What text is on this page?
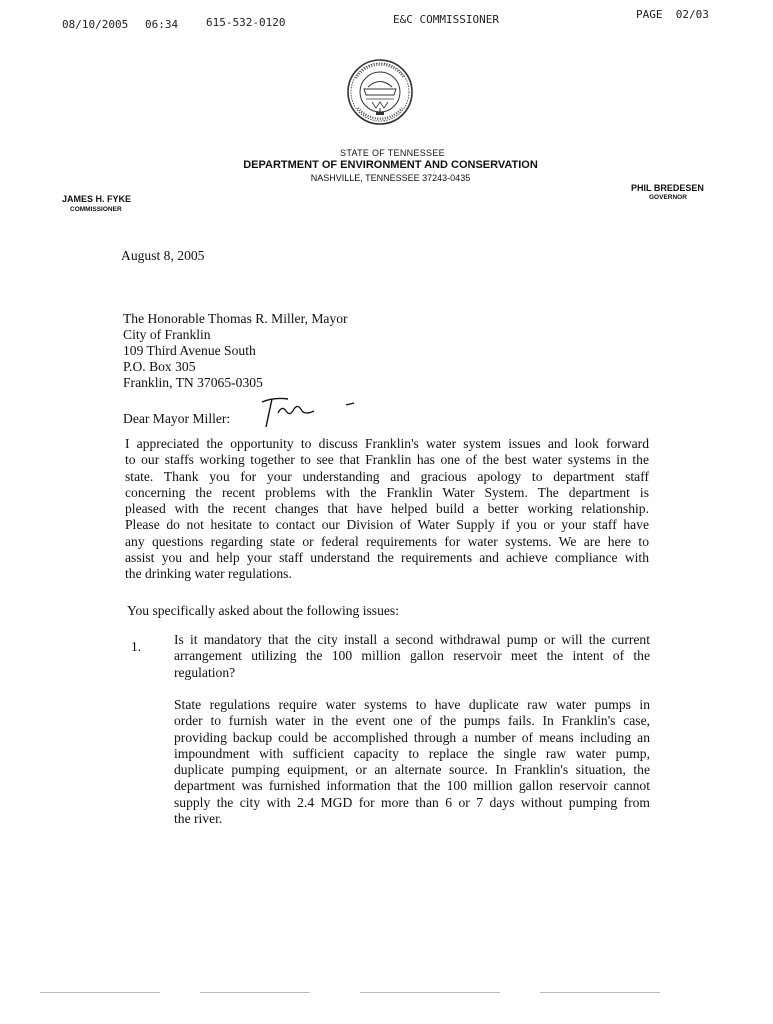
08/10/2005 06:34	615-532-0120	E&C COMMISSIONER	PAGE  02/03
STATE OF TENNESSEE
DEPARTMENT OF ENVIRONMENT AND CONSERVATION
NASHVILLE, TENNESSEE 37243-0435
JAMES H. FYKE
COMMISSIONER
PHIL BREDESEN
GOVERNOR
August 8, 2005
The Honorable Thomas R. Miller, Mayor
City of Franklin
109 Third Avenue South
P.O. Box 305
Franklin, TN 37065-0305
Dear Mayor Miller:
I appreciated the opportunity to discuss Franklin's water system issues and look forward
to our staffs working together to see that Franklin has one of the best water systems in the
state. Thank you for your understanding and gracious apology to department staff
concerning the recent problems with the Franklin Water System. The department is
pleased with the recent changes that have helped build a better working relationship.
Please do not hesitate to contact our Division of Water Supply if you or your staff have
any questions regarding state or federal requirements for water systems. We are here to
assist you and help your staff understand the requirements and achieve compliance with
the drinking water regulations.
You specifically asked about the following issues:
1. Is it mandatory that the city install a second withdrawal pump or will the current
arrangement utilizing the 100 million gallon reservoir meet the intent of the
regulation?
State regulations require water systems to have duplicate raw water pumps in
order to furnish water in the event one of the pumps fails. In Franklin's case,
providing backup could be accomplished through a number of means including an
impoundment with sufficient capacity to replace the single raw water pump,
duplicate pumping equipment, or an alternate source. In Franklin's situation, the
department was furnished information that the 100 million gallon reservoir cannot
supply the city with 2.4 MGD for more than 6 or 7 days without pumping from
the river.
